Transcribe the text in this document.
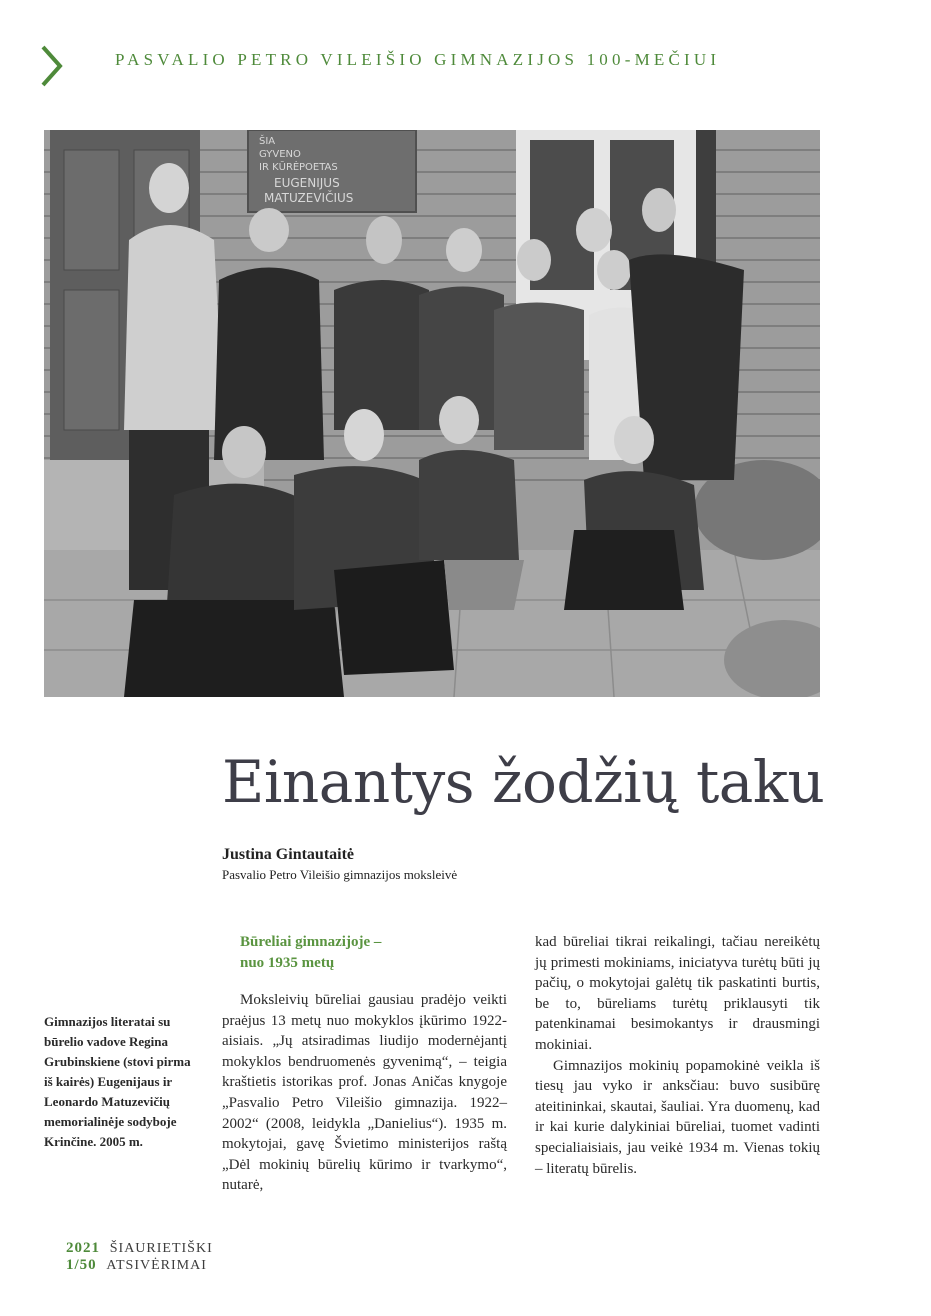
PASVALIO PETRO VILEIŠIO GIMNAZIJOS 100-MEČIUI
ŠIA
GYVENO
IR KŪRĖ POETAS
EUGENIJUS
MATUZEVIČIUS
Einantys žodžių taku
Justina Gintautaitė
Pasvalio Petro Vileišio gimnazijos moksleivė
Gimnazijos literatai su būrelio vadove Regina Grubinskiene (stovi pirma iš kairės) Eugenijaus ir Leonardo Matuzevičių memorialinėje sodyboje Krinčine. 2005 m.
Būreliai gimnazijoje –
nuo 1935 metų

Moksleivių būreliai gausiau pradėjo veikti praėjus 13 metų nuo mokyklos įkūrimo 1922-aisiais. „Jų atsiradimas liudijo modernėjantį mokyklos bendruomenės gyvenimą“, – teigia kraštietis istorikas prof. Jonas Aničas knygoje „Pasvalio Petro Vileišio gimnazija. 1922–2002“ (2008, leidykla „Danielius“). 1935 m. mokytojai, gavę Švietimo ministerijos raštą „Dėl mokinių būrelių kūrimo ir tvarkymo“, nutarė,

kad būreliai tikrai reikalingi, tačiau nereikėtų jų primesti mokiniams, iniciatyva turėtų būti jų pačių, o mokytojai galėtų tik paskatinti burtis, be to, būreliams turėtų priklausyti tik patenkinamai besimokantys ir drausmingi mokiniai.

Gimnazijos mokinių popamokinė veikla iš tiesų jau vyko ir anksčiau: buvo susibūrę ateitininkai, skautai, šauliai. Yra duomenų, kad ir kai kurie dalykiniai būreliai, tuomet vadinti specialiaisiais, jau veikė 1934 m. Vienas tokių – literatų būrelis.

2021 ŠIAURIETIŠKI
1/50 ATSIVĖRIMAI
